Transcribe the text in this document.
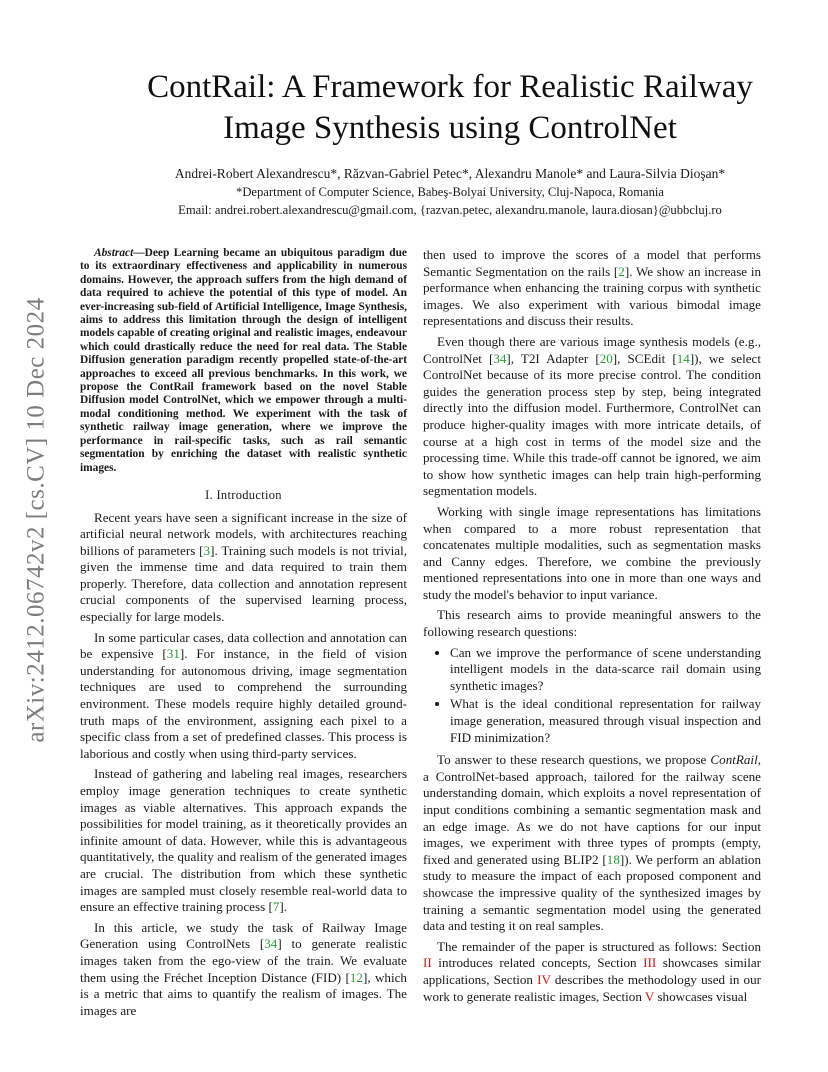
arXiv:2412.06742v2 [cs.CV] 10 Dec 2024
ContRail: A Framework for Realistic Railway
Image Synthesis using ControlNet
Andrei-Robert Alexandrescu*, Răzvan-Gabriel Petec*, Alexandru Manole* and Laura-Silvia Dioşan*
*Department of Computer Science, Babeş-Bolyai University, Cluj-Napoca, Romania
Email: andrei.robert.alexandrescu@gmail.com, {razvan.petec, alexandru.manole, laura.diosan}@ubbcluj.ro

Abstract—Deep Learning became an ubiquitous paradigm due to its extraordinary effectiveness and applicability in numerous domains. However, the approach suffers from the high demand of data required to achieve the potential of this type of model. An ever-increasing sub-field of Artificial Intelligence, Image Synthesis, aims to address this limitation through the design of intelligent models capable of creating original and realistic images, endeavour which could drastically reduce the need for real data. The Stable Diffusion generation paradigm recently propelled state-of-the-art approaches to exceed all previous benchmarks. In this work, we propose the ContRail framework based on the novel Stable Diffusion model ControlNet, which we empower through a multi-modal conditioning method. We experiment with the task of synthetic railway image generation, where we improve the performance in rail-specific tasks, such as rail semantic segmentation by enriching the dataset with realistic synthetic images.

I. Introduction

Recent years have seen a significant increase in the size of artificial neural network models, with architectures reaching billions of parameters [3]. Training such models is not trivial, given the immense time and data required to train them properly. Therefore, data collection and annotation represent crucial components of the supervised learning process, especially for large models.

In some particular cases, data collection and annotation can be expensive [31]. For instance, in the field of vision understanding for autonomous driving, image segmentation techniques are used to comprehend the surrounding environment. These models require highly detailed ground-truth maps of the environment, assigning each pixel to a specific class from a set of predefined classes. This process is laborious and costly when using third-party services.

Instead of gathering and labeling real images, researchers employ image generation techniques to create synthetic images as viable alternatives. This approach expands the possibilities for model training, as it theoretically provides an infinite amount of data. However, while this is advantageous quantitatively, the quality and realism of the generated images are crucial. The distribution from which these synthetic images are sampled must closely resemble real-world data to ensure an effective training process [7].

In this article, we study the task of Railway Image Generation using ControlNets [34] to generate realistic images taken from the ego-view of the train. We evaluate them using the Fréchet Inception Distance (FID) [12], which is a metric that aims to quantify the realism of images. The images are

then used to improve the scores of a model that performs Semantic Segmentation on the rails [2]. We show an increase in performance when enhancing the training corpus with synthetic images. We also experiment with various bimodal image representations and discuss their results.

Even though there are various image synthesis models (e.g., ControlNet [34], T2I Adapter [20], SCEdit [14]), we select ControlNet because of its more precise control. The condition guides the generation process step by step, being integrated directly into the diffusion model. Furthermore, ControlNet can produce higher-quality images with more intricate details, of course at a high cost in terms of the model size and the processing time. While this trade-off cannot be ignored, we aim to show how synthetic images can help train high-performing segmentation models.

Working with single image representations has limitations when compared to a more robust representation that concatenates multiple modalities, such as segmentation masks and Canny edges. Therefore, we combine the previously mentioned representations into one in more than one ways and study the model's behavior to input variance.

This research aims to provide meaningful answers to the following research questions:

• Can we improve the performance of scene understanding intelligent models in the data-scarce rail domain using synthetic images?
• What is the ideal conditional representation for railway image generation, measured through visual inspection and FID minimization?

To answer to these research questions, we propose ContRail, a ControlNet-based approach, tailored for the railway scene understanding domain, which exploits a novel representation of input conditions combining a semantic segmentation mask and an edge image. As we do not have captions for our input images, we experiment with three types of prompts (empty, fixed and generated using BLIP2 [18]). We perform an ablation study to measure the impact of each proposed component and showcase the impressive quality of the synthesized images by training a semantic segmentation model using the generated data and testing it on real samples.

The remainder of the paper is structured as follows: Section II introduces related concepts, Section III showcases similar applications, Section IV describes the methodology used in our work to generate realistic images, Section V showcases visual
